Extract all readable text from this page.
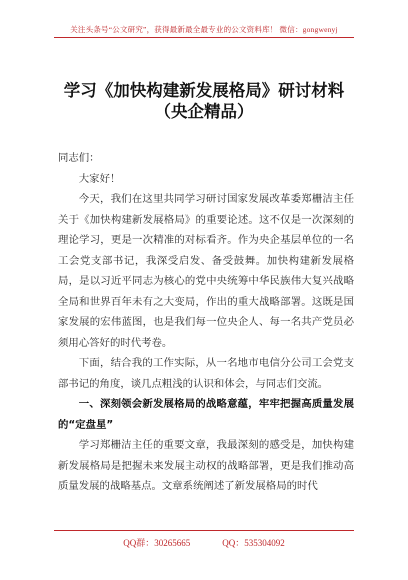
关注头条号“公文研究”，获得最新最全最专业的公文资料库！ 微信：gongwenyj
学习《加快构建新发展格局》研讨材料
（央企精品）

同志们：

大家好！

今天，我们在这里共同学习研讨国家发展改革委郑栅洁主任关于《加快构建新发展格局》的重要论述。这不仅是一次深刻的理论学习，更是一次精准的对标看齐。作为央企基层单位的一名工会党支部书记，我深受启发、备受鼓舞。加快构建新发展格局，是以习近平同志为核心的党中央统筹中华民族伟大复兴战略全局和世界百年未有之大变局，作出的重大战略部署。这既是国家发展的宏伟蓝图，也是我们每一位央企人、每一名共产党员必须用心答好的时代考卷。

下面，结合我的工作实际，从一名地市电信分公司工会党支部书记的角度，谈几点粗浅的认识和体会，与同志们交流。

一、深刻领会新发展格局的战略意蕴，牢牢把握高质量发展的“定盘星”

学习郑栅洁主任的重要文章，我最深刻的感受是，加快构建新发展格局是把握未来发展主动权的战略部署，更是我们推动高质量发展的战略基点。文章系统阐述了新发展格局的时代

QQ群：30265665	QQ：535304092
